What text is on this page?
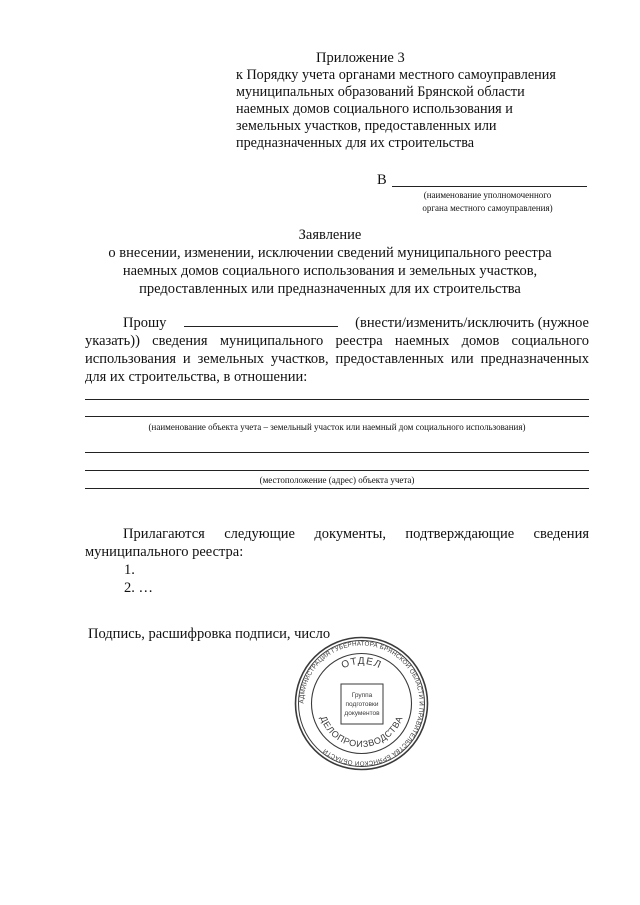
Приложение 3
к Порядку учета органами местного самоуправления
муниципальных образований Брянской области
наемных домов социального использования и
земельных участков, предоставленных или
предназначенных для их строительства
В
(наименование уполномоченного
органа местного самоуправления)
Заявление
о внесении, изменении, исключении сведений муниципального реестра
наемных домов социального использования и земельных участков,
предоставленных или предназначенных для их строительства
Прошу	(внести/изменить/исключить (нужное
указать)) сведения муниципального реестра наемных домов социального
использования и земельных участков, предоставленных или предназначенных
для их строительства, в отношении:
(наименование объекта учета – земельный участок или наемный дом социального использования)
(местоположение (адрес) объекта учета)
Прилагаются следующие документы, подтверждающие сведения
муниципального реестра:
1.
2. …
Подпись, расшифровка подписи, число
АДМИНИСТРАЦИЯ ГУБЕРНАТОРА БРЯНСКОЙ ОБЛАСТИ И ПРАВИТЕЛЬСТВА БРЯНСКОЙ ОБЛАСТИ
ОТДЕЛ
ДЕЛОПРОИЗВОДСТВА
Группа
подготовки
документов
